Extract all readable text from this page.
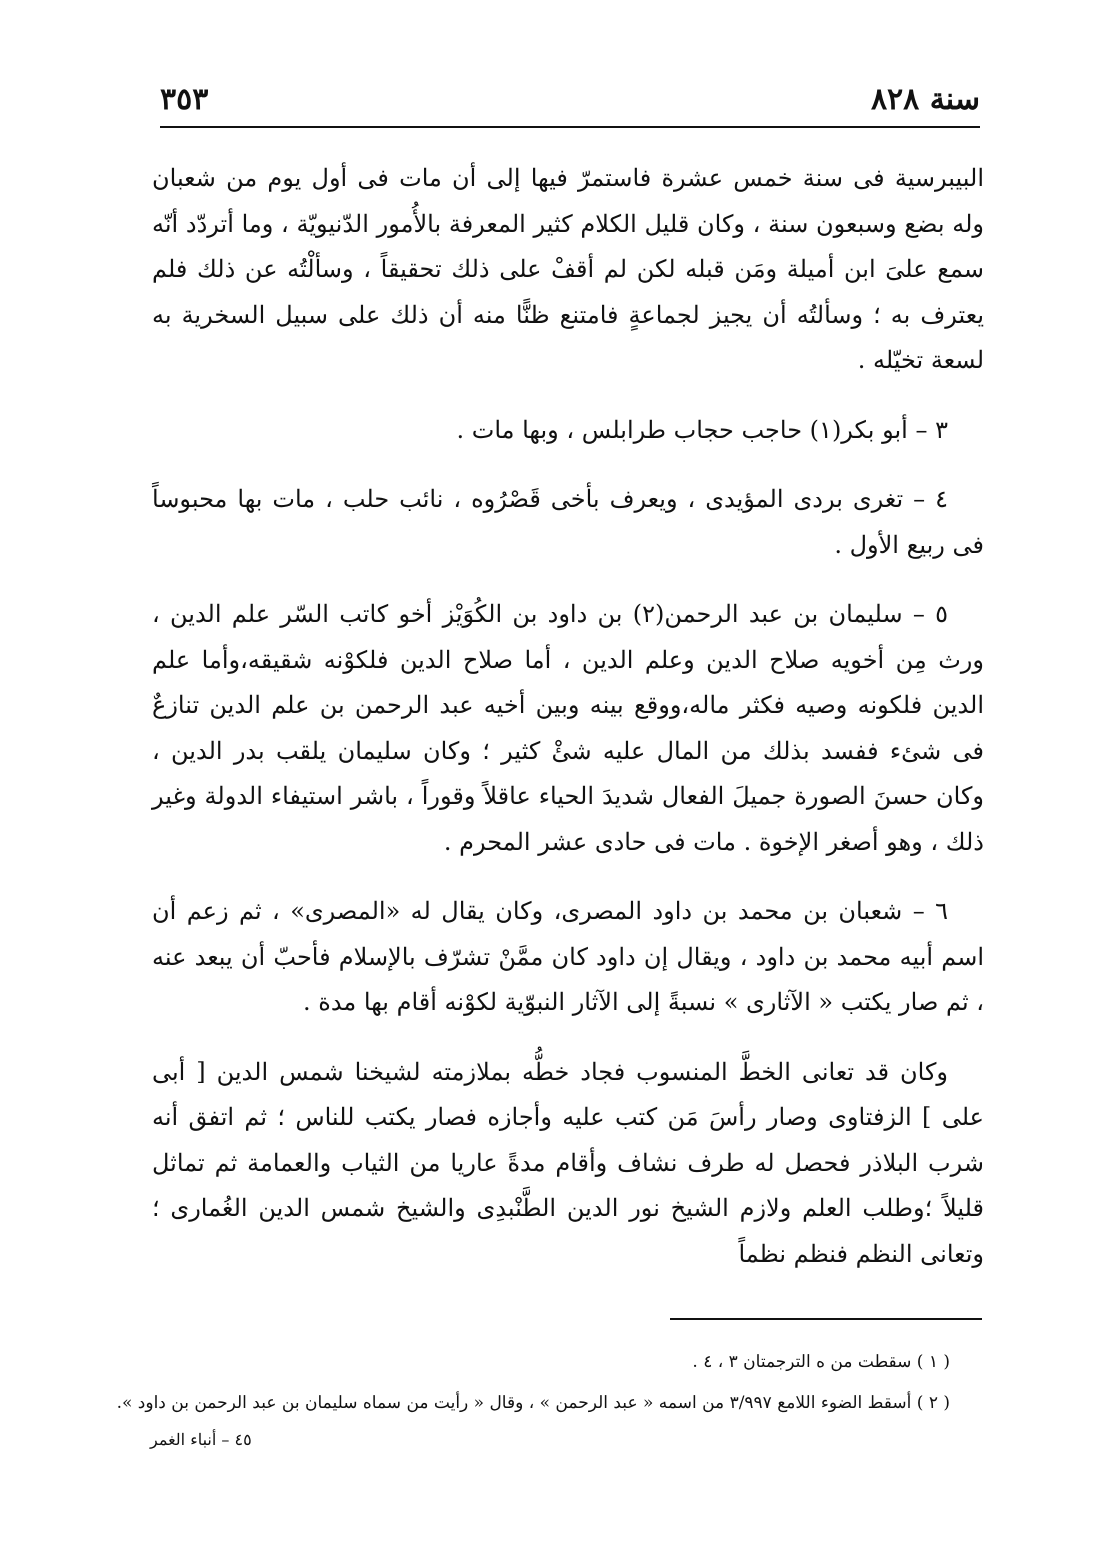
سنة ٨٢٨
٣٥٣

البيبرسية فى سنة خمس عشرة فاستمرّ فيها إلى أن مات فى أول يوم من شعبان وله بضع وسبعون سنة ، وكان قليل الكلام كثير المعرفة بالأُمور الدّنيويّة ، وما أتردّد أنّه سمع علىَ ابن أميلة ومَن قبله لكن لم أقفْ على ذلك تحقيقاً ، وسألْتُه عن ذلك فلم يعترف به ؛ وسألتُه أن يجيز لجماعةٍ فامتنع ظنًّا منه أن ذلك على سبيل السخرية به لسعة تخيّله .

٣ – أبو بكر(١) حاجب حجاب طرابلس ، وبها مات .

٤ – تغرى بردى المؤيدى ، ويعرف بأخى قَصْرُوه ، نائب حلب ، مات بها محبوساً فى ربيع الأول .

٥ – سليمان بن عبد الرحمن(٢) بن داود بن الكُوَيْز أخو كاتب السّر علم الدين ، ورث مِن أخويه صلاح الدين وعلم الدين ، أما صلاح الدين فلكوْنه شقيقه،وأما علم الدين فلكونه وصيه فكثر ماله،ووقع بينه وبين أخيه عبد الرحمن بن علم الدين تنازعٌ فى شئء ففسد بذلك من المال عليه شئْ كثير ؛ وكان سليمان يلقب بدر الدين ، وكان حسنَ الصورة جميلَ الفعال شديدَ الحياء عاقلاً وقوراً ، باشر استيفاء الدولة وغير ذلك ، وهو أصغر الإخوة . مات فى حادى عشر المحرم .

٦ – شعبان بن محمد بن داود المصرى، وكان يقال له «المصرى» ، ثم زعم أن اسم أبيه محمد بن داود ، ويقال إن داود كان ممَّنْ تشرّف بالإسلام فأحبّ أن يبعد عنه ، ثم صار يكتب « الآثارى » نسبةً إلى الآثار النبوّية لكوْنه أقام بها مدة .

وكان قد تعانى الخطَّ المنسوب فجاد خطُّه بملازمته لشيخنا شمس الدين [ أبى على ] الزفتاوى وصار رأسَ مَن كتب عليه وأجازه فصار يكتب للناس ؛ ثم اتفق أنه شرب البلاذر فحصل له طرف نشاف وأقام مدةً عاريا من الثياب والعمامة ثم تماثل قليلاً ؛وطلب العلم ولازم الشيخ نور الدين الطَّنْبدِى والشيخ شمس الدين الغُمارى ؛ وتعانى النظم فنظم نظماً

( ١ ) سقطت من ه الترجمتان ٣ ، ٤ .
( ٢ ) أسقط الضوء اللامع ٣/٩٩٧ من اسمه « عبد الرحمن » ، وقال « رأيت من سماه سليمان بن عبد الرحمن بن داود ».
٤٥ – أنباء الغمر
